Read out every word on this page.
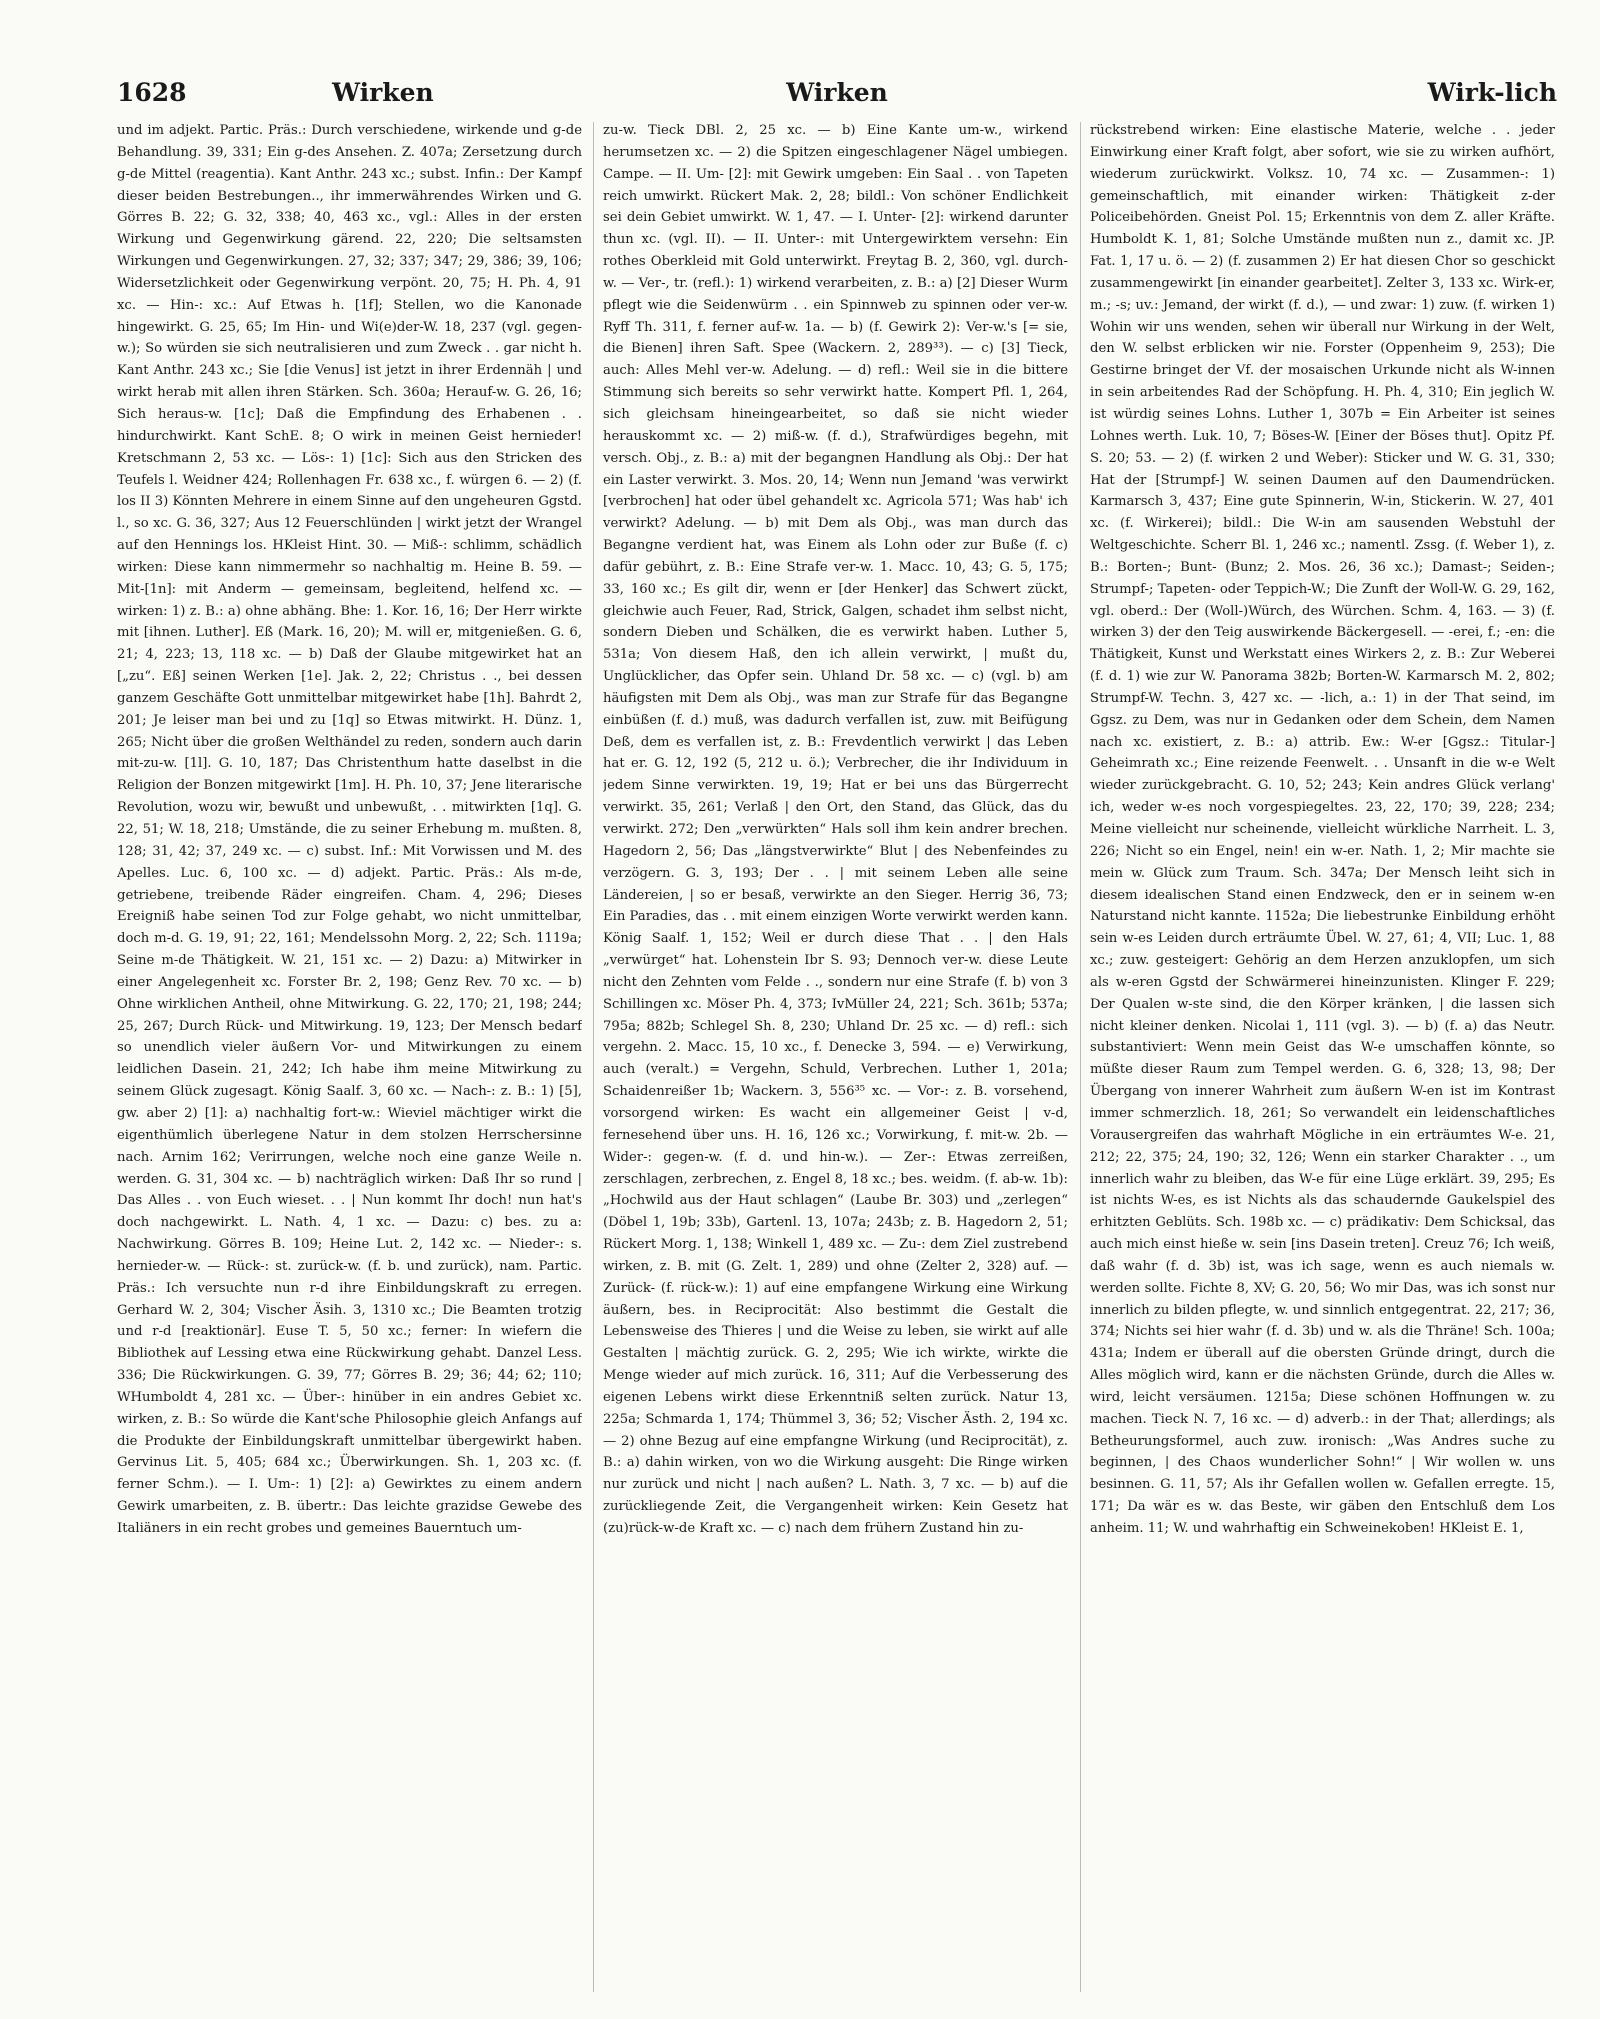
1628	Wirken	Wirken	Wirk-lich

und im adjekt. Partic. Präs.: Durch verschiedene, wirkende und g-de Behandlung. 39, 331; Ein g-des Ansehen. Z. 407a; Zersetzung durch g-de Mittel (reagentia). Kant Anthr. 243 xc.; subst. Infin.: Der Kampf dieser beiden Bestrebungen.., ihr immerwährendes Wirken und G. Görres B. 22; G. 32, 338; 40, 463 xc., vgl.: Alles in der ersten Wirkung und Gegenwirkung gärend. 22, 220; Die seltsamsten Wirkungen und Gegenwirkungen. 27, 32; 337; 347; 29, 386; 39, 106; Widersetzlichkeit oder Gegenwirkung verpönt. 20, 75; H. Ph. 4, 91 xc. — Hin-: xc.: Auf Etwas h. [1f]; Stellen, wo die Kanonade hingewirkt. G. 25, 65; Im Hin- und Wi(e)der-W. 18, 237 (vgl. gegen-w.); So würden sie sich neutralisieren und zum Zweck . . gar nicht h. Kant Anthr. 243 xc.; Sie [die Venus] ist jetzt in ihrer Erdennäh | und wirkt herab mit allen ihren Stärken. Sch. 360a; Herauf-w. G. 26, 16; Sich heraus-w. [1c]; Daß die Empfindung des Erhabenen . . hindurchwirkt. Kant SchE. 8; O wirk in meinen Geist hernieder! Kretschmann 2, 53 xc. — Lös-: 1) [1c]: Sich aus den Stricken des Teufels l. Weidner 424; Rollenhagen Fr. 638 xc., f. würgen 6. — 2) (f. los II 3) Könnten Mehrere in einem Sinne auf den ungeheuren Ggstd. l., so xc. G. 36, 327; Aus 12 Feuerschlünden | wirkt jetzt der Wrangel auf den Hennings los. HKleist Hint. 30. — Miß-: schlimm, schädlich wirken: Diese kann nimmermehr so nachhaltig m. Heine B. 59. — Mit-[1n]: mit Anderm — gemeinsam, begleitend, helfend xc. — wirken: 1) z. B.: a) ohne abhäng. Bhe: 1. Kor. 16, 16; Der Herr wirkte mit [ihnen. Luther]. Eß (Mark. 16, 20); M. will er, mitgenießen. G. 6, 21; 4, 223; 13, 118 xc. — b) Daß der Glaube mitgewirket hat an [„zu“. Eß] seinen Werken [1e]. Jak. 2, 22; Christus . ., bei dessen ganzem Geschäfte Gott unmittelbar mitgewirket habe [1h]. Bahrdt 2, 201; Je leiser man bei und zu [1q] so Etwas mitwirkt. H. Dünz. 1, 265; Nicht über die großen Welthändel zu reden, sondern auch darin mit-zu-w. [1l]. G. 10, 187; Das Christenthum hatte daselbst in die Religion der Bonzen mitgewirkt [1m]. H. Ph. 10, 37; Jene literarische Revolution, wozu wir, bewußt und unbewußt, . . mitwirkten [1q]. G. 22, 51; W. 18, 218; Umstände, die zu seiner Erhebung m. mußten. 8, 128; 31, 42; 37, 249 xc. — c) subst. Inf.: Mit Vorwissen und M. des Apelles. Luc. 6, 100 xc. — d) adjekt. Partic. Präs.: Als m-de, getriebene, treibende Räder eingreifen. Cham. 4, 296; Dieses Ereigniß habe seinen Tod zur Folge gehabt, wo nicht unmittelbar, doch m-d. G. 19, 91; 22, 161; Mendelssohn Morg. 2, 22; Sch. 1119a; Seine m-de Thätigkeit. W. 21, 151 xc. — 2) Dazu: a) Mitwirker in einer Angelegenheit xc. Forster Br. 2, 198; Genz Rev. 70 xc. — b) Ohne wirklichen Antheil, ohne Mitwirkung. G. 22, 170; 21, 198; 244; 25, 267; Durch Rück- und Mitwirkung. 19, 123; Der Mensch bedarf so unendlich vieler äußern Vor- und Mitwirkungen zu einem leidlichen Dasein. 21, 242; Ich habe ihm meine Mitwirkung zu seinem Glück zugesagt. König Saalf. 3, 60 xc. — Nach-: z. B.: 1) [5], gw. aber 2) [1]: a) nachhaltig fort-w.: Wieviel mächtiger wirkt die eigenthümlich überlegene Natur in dem stolzen Herrschersinne nach. Arnim 162; Verirrungen, welche noch eine ganze Weile n. werden. G. 31, 304 xc. — b) nachträglich wirken: Daß Ihr so rund | Das Alles . . von Euch wieset. . . | Nun kommt Ihr doch! nun hat's doch nachgewirkt. L. Nath. 4, 1 xc. — Dazu: c) bes. zu a: Nachwirkung. Görres B. 109; Heine Lut. 2, 142 xc. — Nieder-: s. hernieder-w. — Rück-: st. zurück-w. (f. b. und zurück), nam. Partic. Präs.: Ich versuchte nun r-d ihre Einbildungskraft zu erregen. Gerhard W. 2, 304; Vischer Äsih. 3, 1310 xc.; Die Beamten trotzig und r-d [reaktionär]. Euse T. 5, 50 xc.; ferner: In wiefern die Bibliothek auf Lessing etwa eine Rückwirkung gehabt. Danzel Less. 336; Die Rückwirkungen. G. 39, 77; Görres B. 29; 36; 44; 62; 110; WHumboldt 4, 281 xc. — Über-: hinüber in ein andres Gebiet xc. wirken, z. B.: So würde die Kant'sche Philosophie gleich Anfangs auf die Produkte der Einbildungskraft unmittelbar übergewirkt haben. Gervinus Lit. 5, 405; 684 xc.; Überwirkungen. Sh. 1, 203 xc. (f. ferner Schm.). — I. Um-: 1) [2]: a) Gewirktes zu einem andern Gewirk umarbeiten, z. B. übertr.: Das leichte grazidse Gewebe des Italiäners in ein recht grobes und gemeines Bauerntuch um-

zu-w. Tieck DBl. 2, 25 xc. — b) Eine Kante um-w., wirkend herumsetzen xc. — 2) die Spitzen eingeschlagener Nägel umbiegen. Campe. — II. Um- [2]: mit Gewirk umgeben: Ein Saal . . von Tapeten reich umwirkt. Rückert Mak. 2, 28; bildl.: Von schöner Endlichkeit sei dein Gebiet umwirkt. W. 1, 47. — I. Unter- [2]: wirkend darunter thun xc. (vgl. II). — II. Unter-: mit Untergewirktem versehn: Ein rothes Oberkleid mit Gold unterwirkt. Freytag B. 2, 360, vgl. durch-w. — Ver-, tr. (refl.): 1) wirkend verarbeiten, z. B.: a) [2] Dieser Wurm pflegt wie die Seidenwürm . . ein Spinnweb zu spinnen oder ver-w. Ryff Th. 311, f. ferner auf-w. 1a. — b) (f. Gewirk 2): Ver-w.'s [= sie, die Bienen] ihren Saft. Spee (Wackern. 2, 289³³). — c) [3] Tieck, auch: Alles Mehl ver-w. Adelung. — d) refl.: Weil sie in die bittere Stimmung sich bereits so sehr verwirkt hatte. Kompert Pfl. 1, 264, sich gleichsam hineingearbeitet, so daß sie nicht wieder herauskommt xc. — 2) miß-w. (f. d.), Strafwürdiges begehn, mit versch. Obj., z. B.: a) mit der begangnen Handlung als Obj.: Der hat ein Laster verwirkt. 3. Mos. 20, 14; Wenn nun Jemand 'was verwirkt [verbrochen] hat oder übel gehandelt xc. Agricola 571; Was hab' ich verwirkt? Adelung. — b) mit Dem als Obj., was man durch das Begangne verdient hat, was Einem als Lohn oder zur Buße (f. c) dafür gebührt, z. B.: Eine Strafe ver-w. 1. Macc. 10, 43; G. 5, 175; 33, 160 xc.; Es gilt dir, wenn er [der Henker] das Schwert zückt, gleichwie auch Feuer, Rad, Strick, Galgen, schadet ihm selbst nicht, sondern Dieben und Schälken, die es verwirkt haben. Luther 5, 531a; Von diesem Haß, den ich allein verwirkt, | mußt du, Unglücklicher, das Opfer sein. Uhland Dr. 58 xc. — c) (vgl. b) am häufigsten mit Dem als Obj., was man zur Strafe für das Begangne einbüßen (f. d.) muß, was dadurch verfallen ist, zuw. mit Beifügung Deß, dem es verfallen ist, z. B.: Frevdentlich verwirkt | das Leben hat er. G. 12, 192 (5, 212 u. ö.); Verbrecher, die ihr Individuum in jedem Sinne verwirkten. 19, 19; Hat er bei uns das Bürgerrecht verwirkt. 35, 261; Verlaß | den Ort, den Stand, das Glück, das du verwirkt. 272; Den „verwürkten“ Hals soll ihm kein andrer brechen. Hagedorn 2, 56; Das „längstverwirkte“ Blut | des Nebenfeindes zu verzögern. G. 3, 193; Der . . | mit seinem Leben alle seine Ländereien, | so er besaß, verwirkte an den Sieger. Herrig 36, 73; Ein Paradies, das . . mit einem einzigen Worte verwirkt werden kann. König Saalf. 1, 152; Weil er durch diese That . . | den Hals „verwürget“ hat. Lohenstein Ibr S. 93; Dennoch ver-w. diese Leute nicht den Zehnten vom Felde . ., sondern nur eine Strafe (f. b) von 3 Schillingen xc. Möser Ph. 4, 373; IvMüller 24, 221; Sch. 361b; 537a; 795a; 882b; Schlegel Sh. 8, 230; Uhland Dr. 25 xc. — d) refl.: sich vergehn. 2. Macc. 15, 10 xc., f. Denecke 3, 594. — e) Verwirkung, auch (veralt.) = Vergehn, Schuld, Verbrechen. Luther 1, 201a; Schaidenreißer 1b; Wackern. 3, 556³⁵ xc. — Vor-: z. B. vorsehend, vorsorgend wirken: Es wacht ein allgemeiner Geist | v-d, fernesehend über uns. H. 16, 126 xc.; Vorwirkung, f. mit-w. 2b. — Wider-: gegen-w. (f. d. und hin-w.). — Zer-: Etwas zerreißen, zerschlagen, zerbrechen, z. Engel 8, 18 xc.; bes. weidm. (f. ab-w. 1b): „Hochwild aus der Haut schlagen“ (Laube Br. 303) und „zerlegen“ (Döbel 1, 19b; 33b), Gartenl. 13, 107a; 243b; z. B. Hagedorn 2, 51; Rückert Morg. 1, 138; Winkell 1, 489 xc. — Zu-: dem Ziel zustrebend wirken, z. B. mit (G. Zelt. 1, 289) und ohne (Zelter 2, 328) auf. — Zurück- (f. rück-w.): 1) auf eine empfangene Wirkung eine Wirkung äußern, bes. in Reciprocität: Also bestimmt die Gestalt die Lebensweise des Thieres | und die Weise zu leben, sie wirkt auf alle Gestalten | mächtig zurück. G. 2, 295; Wie ich wirkte, wirkte die Menge wieder auf mich zurück. 16, 311; Auf die Verbesserung des eigenen Lebens wirkt diese Erkenntniß selten zurück. Natur 13, 225a; Schmarda 1, 174; Thümmel 3, 36; 52; Vischer Ästh. 2, 194 xc. — 2) ohne Bezug auf eine empfangne Wirkung (und Reciprocität), z. B.: a) dahin wirken, von wo die Wirkung ausgeht: Die Ringe wirken nur zurück und nicht | nach außen? L. Nath. 3, 7 xc. — b) auf die zurückliegende Zeit, die Vergangenheit wirken: Kein Gesetz hat (zu)rück-w-de Kraft xc. — c) nach dem frühern Zustand hin zu-

rückstrebend wirken: Eine elastische Materie, welche . . jeder Einwirkung einer Kraft folgt, aber sofort, wie sie zu wirken aufhört, wiederum zurückwirkt. Volksz. 10, 74 xc. — Zusammen-: 1) gemeinschaftlich, mit einander wirken: Thätigkeit z-der Policeibehörden. Gneist Pol. 15; Erkenntnis von dem Z. aller Kräfte. Humboldt K. 1, 81; Solche Umstände mußten nun z., damit xc. JP. Fat. 1, 17 u. ö. — 2) (f. zusammen 2) Er hat diesen Chor so geschickt zusammengewirkt [in einander gearbeitet]. Zelter 3, 133 xc. Wirk-er, m.; -s; uv.: Jemand, der wirkt (f. d.), — und zwar: 1) zuw. (f. wirken 1) Wohin wir uns wenden, sehen wir überall nur Wirkung in der Welt, den W. selbst erblicken wir nie. Forster (Oppenheim 9, 253); Die Gestirne bringet der Vf. der mosaischen Urkunde nicht als W-innen in sein arbeitendes Rad der Schöpfung. H. Ph. 4, 310; Ein jeglich W. ist würdig seines Lohns. Luther 1, 307b = Ein Arbeiter ist seines Lohnes werth. Luk. 10, 7; Böses-W. [Einer der Böses thut]. Opitz Pf. S. 20; 53. — 2) (f. wirken 2 und Weber): Sticker und W. G. 31, 330; Hat der [Strumpf-] W. seinen Daumen auf den Daumendrücken. Karmarsch 3, 437; Eine gute Spinnerin, W-in, Stickerin. W. 27, 401 xc. (f. Wirkerei); bildl.: Die W-in am sausenden Webstuhl der Weltgeschichte. Scherr Bl. 1, 246 xc.; namentl. Zssg. (f. Weber 1), z. B.: Borten-; Bunt- (Bunz; 2. Mos. 26, 36 xc.); Damast-; Seiden-; Strumpf-; Tapeten- oder Teppich-W.; Die Zunft der Woll-W. G. 29, 162, vgl. oberd.: Der (Woll-)Würch, des Würchen. Schm. 4, 163. — 3) (f. wirken 3) der den Teig auswirkende Bäckergesell. — -erei, f.; -en: die Thätigkeit, Kunst und Werkstatt eines Wirkers 2, z. B.: Zur Weberei (f. d. 1) wie zur W. Panorama 382b; Borten-W. Karmarsch M. 2, 802; Strumpf-W. Techn. 3, 427 xc. — -lich, a.: 1) in der That seind, im Ggsz. zu Dem, was nur in Gedanken oder dem Schein, dem Namen nach xc. existiert, z. B.: a) attrib. Ew.: W-er [Ggsz.: Titular-] Geheimrath xc.; Eine reizende Feenwelt. . . Unsanft in die w-e Welt wieder zurückgebracht. G. 10, 52; 243; Kein andres Glück verlang' ich, weder w-es noch vorgespiegeltes. 23, 22, 170; 39, 228; 234; Meine vielleicht nur scheinende, vielleicht würkliche Narrheit. L. 3, 226; Nicht so ein Engel, nein! ein w-er. Nath. 1, 2; Mir machte sie mein w. Glück zum Traum. Sch. 347a; Der Mensch leiht sich in diesem idealischen Stand einen Endzweck, den er in seinem w-en Naturstand nicht kannte. 1152a; Die liebestrunke Einbildung erhöht sein w-es Leiden durch erträumte Übel. W. 27, 61; 4, VII; Luc. 1, 88 xc.; zuw. gesteigert: Gehörig an dem Herzen anzuklopfen, um sich als w-eren Ggstd der Schwärmerei hineinzunisten. Klinger F. 229; Der Qualen w-ste sind, die den Körper kränken, | die lassen sich nicht kleiner denken. Nicolai 1, 111 (vgl. 3). — b) (f. a) das Neutr. substantiviert: Wenn mein Geist das W-e umschaffen könnte, so müßte dieser Raum zum Tempel werden. G. 6, 328; 13, 98; Der Übergang von innerer Wahrheit zum äußern W-en ist im Kontrast immer schmerzlich. 18, 261; So verwandelt ein leidenschaftliches Vorausergreifen das wahrhaft Mögliche in ein erträumtes W-e. 21, 212; 22, 375; 24, 190; 32, 126; Wenn ein starker Charakter . ., um innerlich wahr zu bleiben, das W-e für eine Lüge erklärt. 39, 295; Es ist nichts W-es, es ist Nichts als das schaudernde Gaukelspiel des erhitzten Geblüts. Sch. 198b xc. — c) prädikativ: Dem Schicksal, das auch mich einst hieße w. sein [ins Dasein treten]. Creuz 76; Ich weiß, daß wahr (f. d. 3b) ist, was ich sage, wenn es auch niemals w. werden sollte. Fichte 8, XV; G. 20, 56; Wo mir Das, was ich sonst nur innerlich zu bilden pflegte, w. und sinnlich entgegentrat. 22, 217; 36, 374; Nichts sei hier wahr (f. d. 3b) und w. als die Thräne! Sch. 100a; 431a; Indem er überall auf die obersten Gründe dringt, durch die Alles möglich wird, kann er die nächsten Gründe, durch die Alles w. wird, leicht versäumen. 1215a; Diese schönen Hoffnungen w. zu machen. Tieck N. 7, 16 xc. — d) adverb.: in der That; allerdings; als Betheurungsformel, auch zuw. ironisch: „Was Andres suche zu beginnen, | des Chaos wunderlicher Sohn!“ | Wir wollen w. uns besinnen. G. 11, 57; Als ihr Gefallen wollen w. Gefallen erregte. 15, 171; Da wär es w. das Beste, wir gäben den Entschluß dem Los anheim. 11; W. und wahrhaftig ein Schweinekoben! HKleist E. 1,
